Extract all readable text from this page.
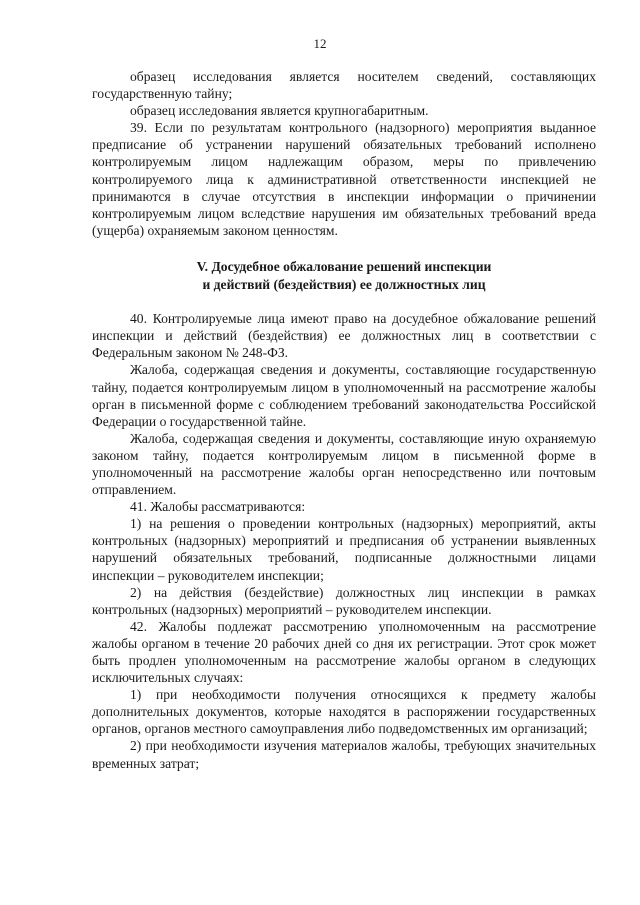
12

образец исследования является носителем сведений, составляющих государственную тайну;

образец исследования является крупногабаритным.

39. Если по результатам контрольного (надзорного) мероприятия выданное предписание об устранении нарушений обязательных требований исполнено контролируемым лицом надлежащим образом, меры по привлечению контролируемого лица к административной ответственности инспекцией не принимаются в случае отсутствия в инспекции информации о причинении контролируемым лицом вследствие нарушения им обязательных требований вреда (ущерба) охраняемым законом ценностям.

V. Досудебное обжалование решений инспекции
и действий (бездействия) ее должностных лиц

40. Контролируемые лица имеют право на досудебное обжалование решений инспекции и действий (бездействия) ее должностных лиц в соответствии с Федеральным законом № 248-ФЗ.

Жалоба, содержащая сведения и документы, составляющие государственную тайну, подается контролируемым лицом в уполномоченный на рассмотрение жалобы орган в письменной форме с соблюдением требований законодательства Российской Федерации о государственной тайне.

Жалоба, содержащая сведения и документы, составляющие иную охраняемую законом тайну, подается контролируемым лицом в письменной форме в уполномоченный на рассмотрение жалобы орган непосредственно или почтовым отправлением.

41. Жалобы рассматриваются:

1) на решения о проведении контрольных (надзорных) мероприятий, акты контрольных (надзорных) мероприятий и предписания об устранении выявленных нарушений обязательных требований, подписанные должностными лицами инспекции – руководителем инспекции;

2) на действия (бездействие) должностных лиц инспекции в рамках контрольных (надзорных) мероприятий – руководителем инспекции.

42. Жалобы подлежат рассмотрению уполномоченным на рассмотрение жалобы органом в течение 20 рабочих дней со дня их регистрации. Этот срок может быть продлен уполномоченным на рассмотрение жалобы органом в следующих исключительных случаях:

1) при необходимости получения относящихся к предмету жалобы дополнительных документов, которые находятся в распоряжении государственных органов, органов местного самоуправления либо подведомственных им организаций;

2) при необходимости изучения материалов жалобы, требующих значительных временных затрат;
